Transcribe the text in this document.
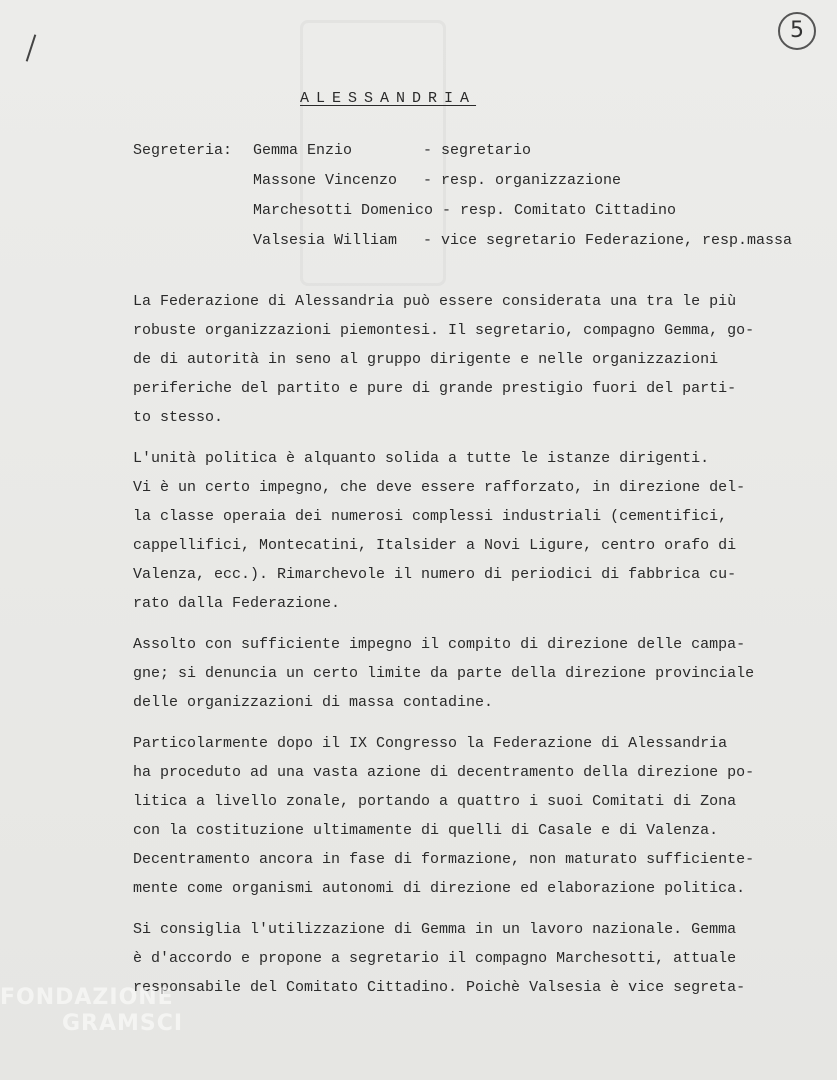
5
ALESSANDRIA
Segreteria: Gemma Enzio	- segretario
Massone Vincenzo - resp. organizzazione
Marchesotti Domenico - resp. Comitato Cittadino
Valsesia William - vice segretario Federazione, resp.massa

La Federazione di Alessandria può essere considerata una tra le più
robuste organizzazioni piemontesi. Il segretario, compagno Gemma, go-
de di autorità in seno al gruppo dirigente e nelle organizzazioni
periferiche del partito e pure di grande prestigio fuori del parti-
to stesso.

L'unità politica è alquanto solida a tutte le istanze dirigenti.
Vi è un certo impegno, che deve essere rafforzato, in direzione del-
la classe operaia dei numerosi complessi industriali (cementifici,
cappellifici, Montecatini, Italsider a Novi Ligure, centro orafo di
Valenza, ecc.). Rimarchevole il numero di periodici di fabbrica cu-
rato dalla Federazione.

Assolto con sufficiente impegno il compito di direzione delle campa-
gne; si denuncia un certo limite da parte della direzione provinciale
delle organizzazioni di massa contadine.

Particolarmente dopo il IX Congresso la Federazione di Alessandria
ha proceduto ad una vasta azione di decentramento della direzione po-
litica a livello zonale, portando a quattro i suoi Comitati di Zona
con la costituzione ultimamente di quelli di Casale e di Valenza.
Decentramento ancora in fase di formazione, non maturato sufficiente-
mente come organismi autonomi di direzione ed elaborazione politica.

Si consiglia l'utilizzazione di Gemma in un lavoro nazionale. Gemma
è d'accordo e propone a segretario il compagno Marchesotti, attuale
responsabile del Comitato Cittadino. Poichè Valsesia è vice segreta-

FONDAZIONE
GRAMSCI
